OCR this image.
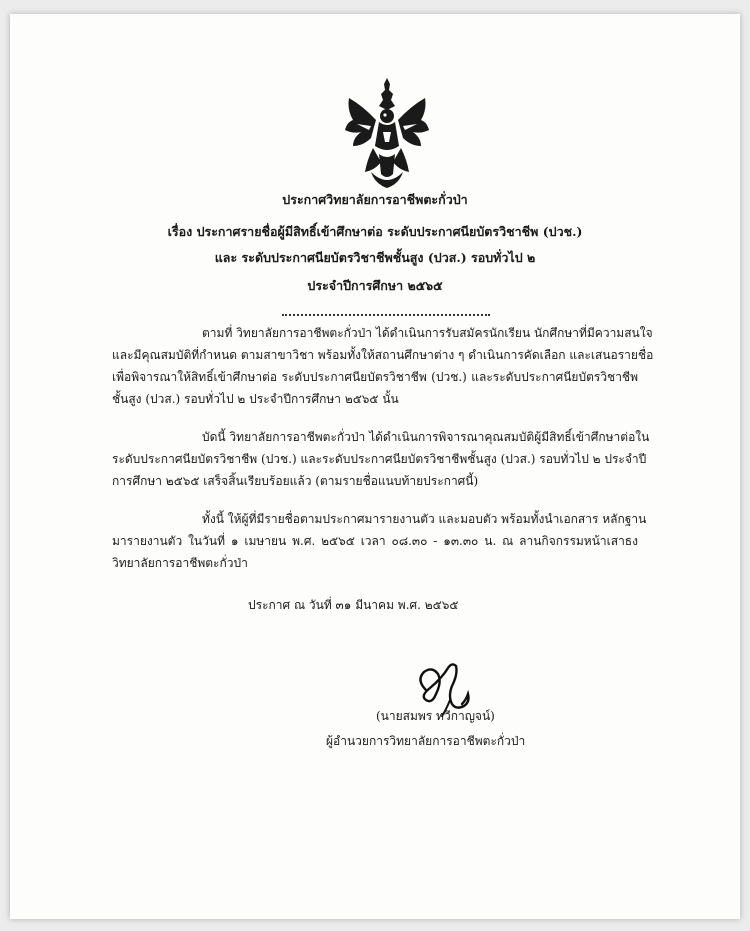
ประกาศวิทยาลัยการอาชีพตะกั่วป่า
เรื่อง ประกาศรายชื่อผู้มีสิทธิ์เข้าศึกษาต่อ ระดับประกาศนียบัตรวิชาชีพ (ปวช.)
และ ระดับประกาศนียบัตรวิชาชีพชั้นสูง (ปวส.) รอบทั่วไป ๒
ประจำปีการศึกษา ๒๕๖๕
ตามที่ วิทยาลัยการอาชีพตะกั่วป่า ได้ดำเนินการรับสมัครนักเรียน นักศึกษาที่มีความสนใจ
และมีคุณสมบัติที่กำหนด ตามสาขาวิชา พร้อมทั้งให้สถานศึกษาต่าง ๆ ดำเนินการคัดเลือก และเสนอรายชื่อ
เพื่อพิจารณาให้สิทธิ์เข้าศึกษาต่อ ระดับประกาศนียบัตรวิชาชีพ (ปวช.) และระดับประกาศนียบัตรวิชาชีพ
ชั้นสูง (ปวส.) รอบทั่วไป ๒ ประจำปีการศึกษา ๒๕๖๕ นั้น
บัดนี้ วิทยาลัยการอาชีพตะกั่วป่า ได้ดำเนินการพิจารณาคุณสมบัติผู้มีสิทธิ์เข้าศึกษาต่อใน
ระดับประกาศนียบัตรวิชาชีพ (ปวช.) และระดับประกาศนียบัตรวิชาชีพชั้นสูง (ปวส.) รอบทั่วไป ๒ ประจำปี
การศึกษา ๒๕๖๕ เสร็จสิ้นเรียบร้อยแล้ว (ตามรายชื่อแนบท้ายประกาศนี้)
ทั้งนี้ ให้ผู้ที่มีรายชื่อตามประกาศมารายงานตัว และมอบตัว พร้อมทั้งนำเอกสาร หลักฐาน
มารายงานตัว ในวันที่ ๑ เมษายน พ.ศ. ๒๕๖๕ เวลา ๐๘.๓๐ - ๑๓.๓๐ น. ณ ลานกิจกรรมหน้าเสาธง
วิทยาลัยการอาชีพตะกั่วป่า
ประกาศ ณ วันที่ ๓๑ มีนาคม พ.ศ. ๒๕๖๕
(นายสมพร ทวีกาญจน์)
ผู้อำนวยการวิทยาลัยการอาชีพตะกั่วป่า
